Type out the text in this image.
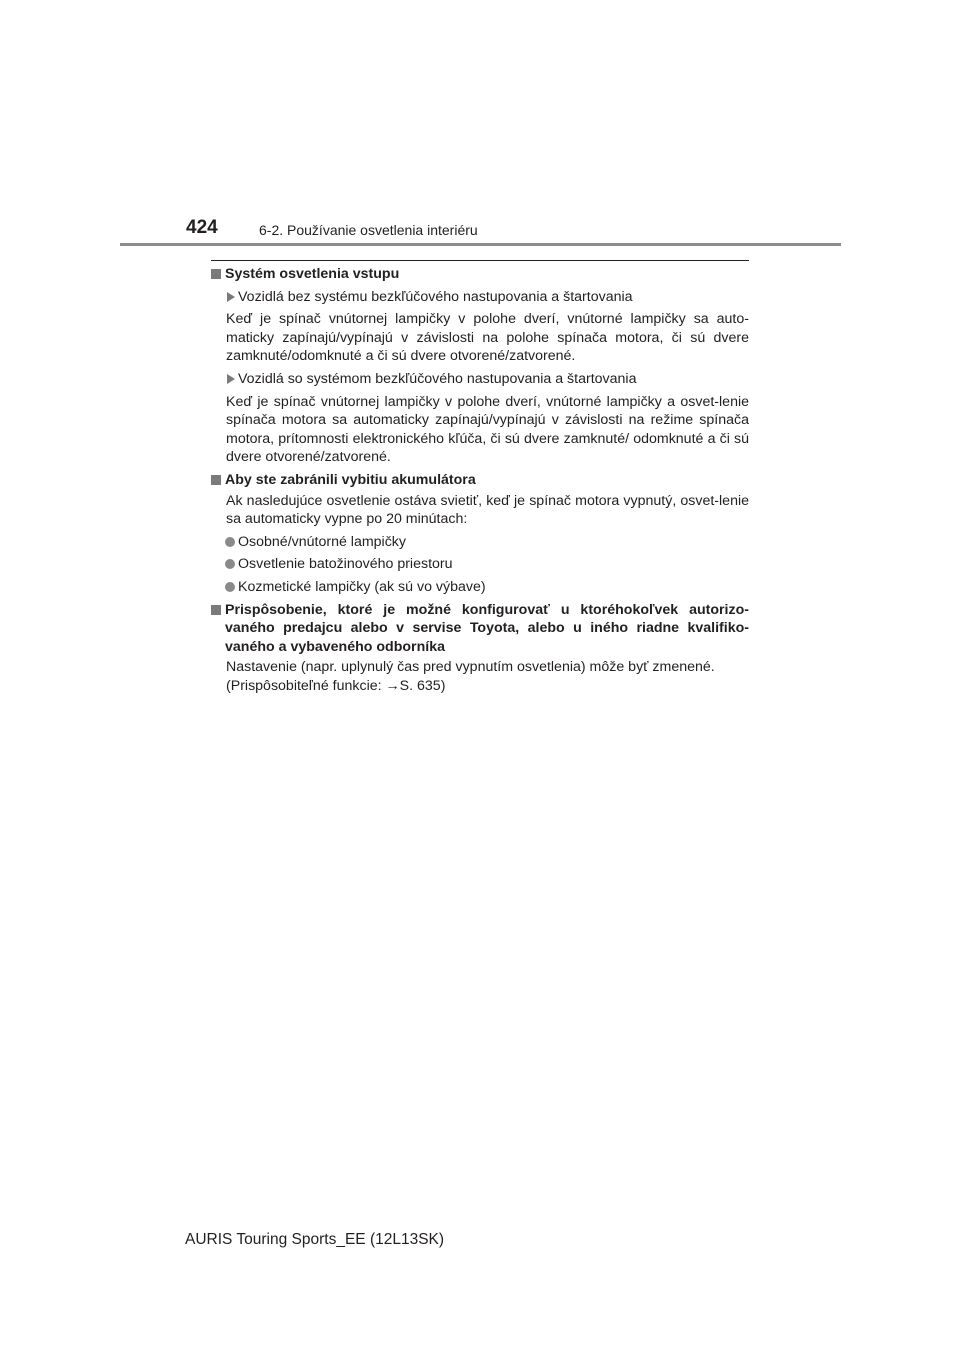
424	6-2. Používanie osvetlenia interiéru
Systém osvetlenia vstupu
Vozidlá bez systému bezkľúčového nastupovania a štartovania
Keď je spínač vnútornej lampičky v polohe dverí, vnútorné lampičky sa auto-maticky zapínajú/vypínajú v závislosti na polohe spínača motora, či sú dvere zamknuté/odomknuté a či sú dvere otvorené/zatvorené.
Vozidlá so systémom bezkľúčového nastupovania a štartovania
Keď je spínač vnútornej lampičky v polohe dverí, vnútorné lampičky a osvet-lenie spínača motora sa automaticky zapínajú/vypínajú v závislosti na režime spínača motora, prítomnosti elektronického kľúča, či sú dvere zamknuté/ odomknuté a či sú dvere otvorené/zatvorené.
Aby ste zabránili vybitiu akumulátora
Ak nasledujúce osvetlenie ostáva svietiť, keď je spínač motora vypnutý, osvet-lenie sa automaticky vypne po 20 minútach:
Osobné/vnútorné lampičky
Osvetlenie batožinového priestoru
Kozmetické lampičky (ak sú vo výbave)
Prispôsobenie, ktoré je možné konfigurovať u ktoréhokoľvek autorizo-vaného predajcu alebo v servise Toyota, alebo u iného riadne kvalifiko-vaného a vybaveného odborníka
Nastavenie (napr. uplynulý čas pred vypnutím osvetlenia) môže byť zmenené.
(Prispôsobiteľné funkcie: →S. 635)
AURIS Touring Sports_EE (12L13SK)
